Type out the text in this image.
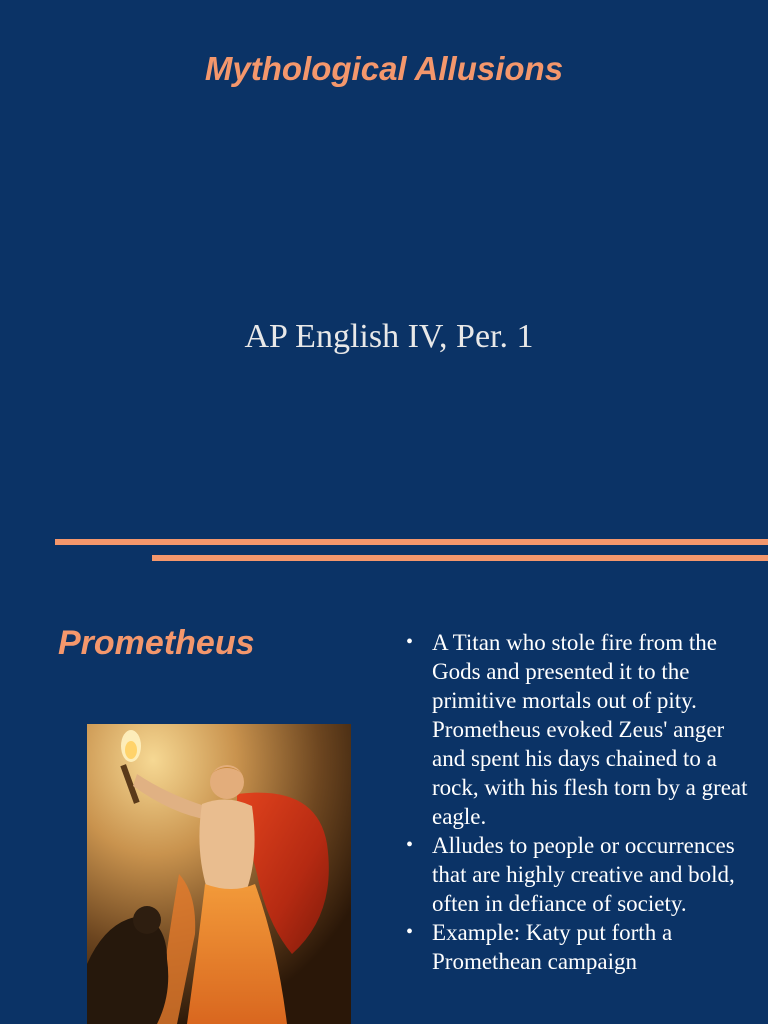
Mythological Allusions

AP English IV, Per. 1

Prometheus	• A Titan who stole fire from the Gods and presented it to the primitive mortals out of pity. Prometheus evoked Zeus' anger and spent his days chained to a rock, with his flesh torn by a great eagle.
• Alludes to people or occurrences that are highly creative and bold, often in defiance of society.
• Example: Katy put forth a Promethean campaign
